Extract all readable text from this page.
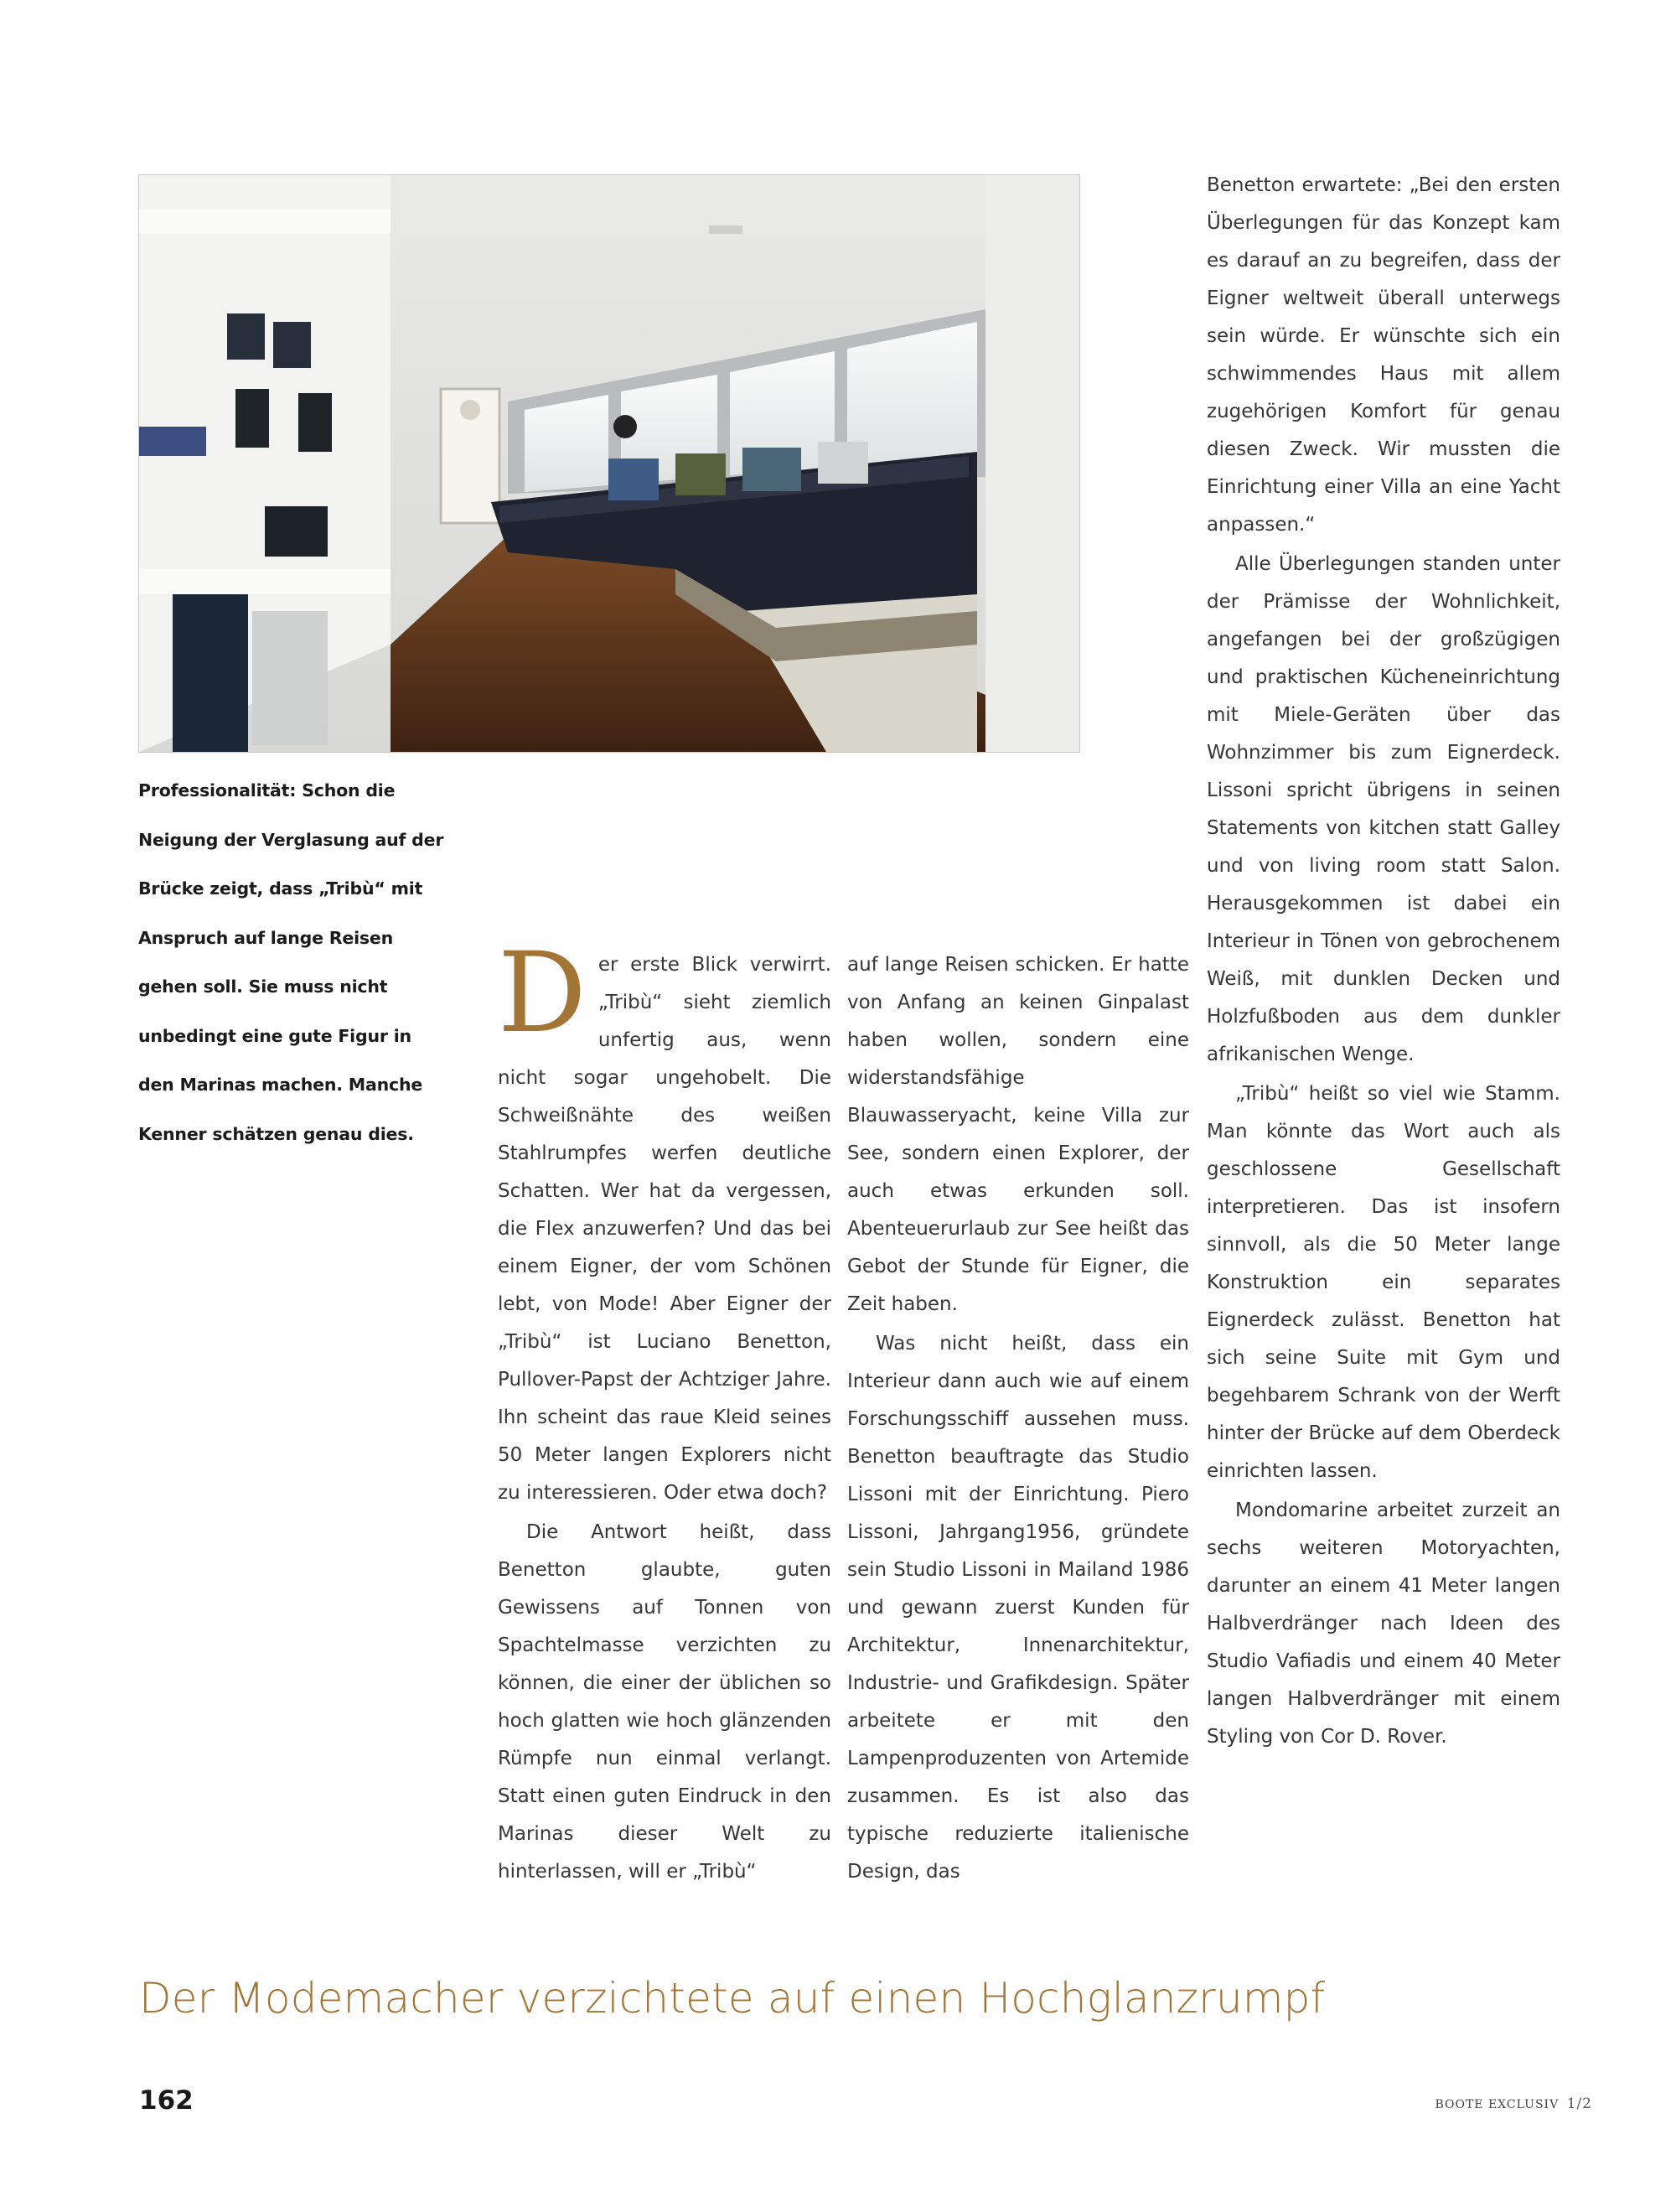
Professionalität: Schon die Neigung der Verglasung auf der Brücke zeigt, dass „Tribù“ mit Anspruch auf lange Reisen gehen soll. Sie muss nicht unbedingt eine gute Figur in den Marinas machen. Manche Kenner schätzen genau dies.
D er erste Blick verwirrt. „Tribù“ sieht ziemlich unfertig aus, wenn nicht sogar ungehobelt. Die Schweißnähte des weißen Stahlrumpfes werfen deutliche Schatten. Wer hat da vergessen, die Flex anzuwerfen? Und das bei einem Eigner, der vom Schönen lebt, von Mode! Aber Eigner der „Tribù“ ist Luciano Benetton, Pullover-Papst der Achtziger Jahre. Ihn scheint das raue Kleid seines 50 Meter langen Explorers nicht zu interessieren. Oder etwa doch?

Die Antwort heißt, dass Benetton glaubte, guten Gewissens auf Tonnen von Spachtelmasse verzichten zu können, die einer der üblichen so hoch glatten wie hoch glänzenden Rümpfe nun einmal verlangt. Statt einen guten Eindruck in den Marinas dieser Welt zu hinterlassen, will er „Tribù“

auf lange Reisen schicken. Er hatte von Anfang an keinen Ginpalast haben wollen, sondern eine widerstandsfähige Blauwasseryacht, keine Villa zur See, sondern einen Explorer, der auch etwas erkunden soll. Abenteuerurlaub zur See heißt das Gebot der Stunde für Eigner, die Zeit haben.

Was nicht heißt, dass ein Interieur dann auch wie auf einem Forschungsschiff aussehen muss. Benetton beauftragte das Studio Lissoni mit der Einrichtung. Piero Lissoni, Jahrgang1956, gründete sein Studio Lissoni in Mailand 1986 und gewann zuerst Kunden für Architektur, Innenarchitektur, Industrie- und Grafikdesign. Später arbeitete er mit den Lampenproduzenten von Artemide zusammen. Es ist also das typische reduzierte italienische Design, das

Benetton erwartete: „Bei den ersten Überlegungen für das Konzept kam es darauf an zu begreifen, dass der Eigner weltweit überall unterwegs sein würde. Er wünschte sich ein schwimmendes Haus mit allem zugehörigen Komfort für genau diesen Zweck. Wir mussten die Einrichtung einer Villa an eine Yacht anpassen.“

Alle Überlegungen standen unter der Prämisse der Wohnlichkeit, angefangen bei der großzügigen und praktischen Kücheneinrichtung mit Miele-Geräten über das Wohnzimmer bis zum Eignerdeck. Lissoni spricht übrigens in seinen Statements von kitchen statt Galley und von living room statt Salon. Herausgekommen ist dabei ein Interieur in Tönen von gebrochenem Weiß, mit dunklen Decken und Holzfußboden aus dem dunkler afrikanischen Wenge.

„Tribù“ heißt so viel wie Stamm. Man könnte das Wort auch als geschlossene Gesellschaft interpretieren. Das ist insofern sinnvoll, als die 50 Meter lange Konstruktion ein separates Eignerdeck zulässt. Benetton hat sich seine Suite mit Gym und begehbarem Schrank von der Werft hinter der Brücke auf dem Oberdeck einrichten lassen.

Mondomarine arbeitet zurzeit an sechs weiteren Motoryachten, darunter an einem 41 Meter langen Halbverdränger nach Ideen des Studio Vafiadis und einem 40 Meter langen Halbverdränger mit einem Styling von Cor D. Rover.

Der Modemacher verzichtete auf einen Hochglanzrumpf
162	BOOTE EXCLUSIV 1/2
